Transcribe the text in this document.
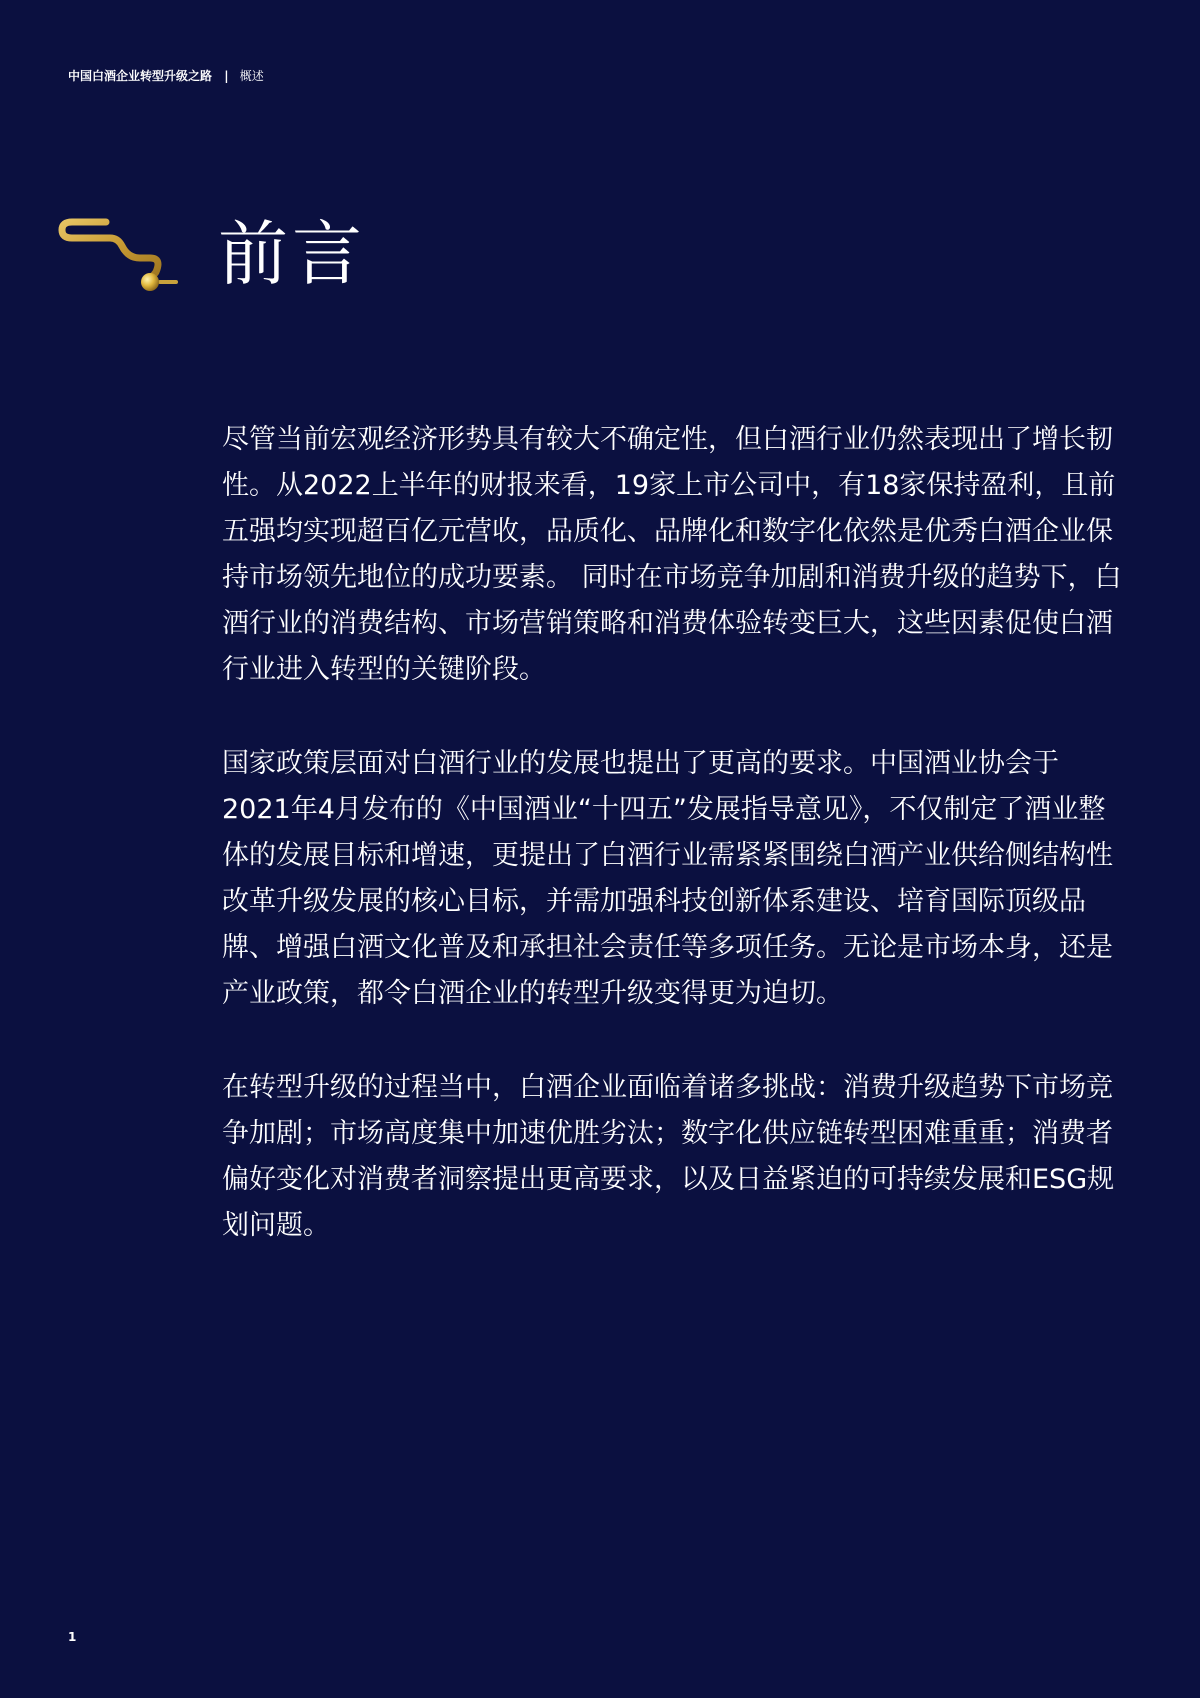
中国白酒企业转型升级之路 | 概述
前言

尽管当前宏观经济形势具有较大不确定性，但白酒行业仍然表现出了增长韧性。从2022上半年的财报来看，19家上市公司中，有18家保持盈利，且前五强均实现超百亿元营收，品质化、品牌化和数字化依然是优秀白酒企业保持市场领先地位的成功要素。 同时在市场竞争加剧和消费升级的趋势下，白酒行业的消费结构、市场营销策略和消费体验转变巨大，这些因素促使白酒行业进入转型的关键阶段。

国家政策层面对白酒行业的发展也提出了更高的要求。中国酒业协会于2021年4月发布的《中国酒业“十四五”发展指导意见》，不仅制定了酒业整体的发展目标和增速，更提出了白酒行业需紧紧围绕白酒产业供给侧结构性改革升级发展的核心目标，并需加强科技创新体系建设、培育国际顶级品牌、增强白酒文化普及和承担社会责任等多项任务。无论是市场本身，还是产业政策，都令白酒企业的转型升级变得更为迫切。

在转型升级的过程当中，白酒企业面临着诸多挑战：消费升级趋势下市场竞争加剧；市场高度集中加速优胜劣汰；数字化供应链转型困难重重；消费者偏好变化对消费者洞察提出更高要求，以及日益紧迫的可持续发展和ESG规划问题。

1
